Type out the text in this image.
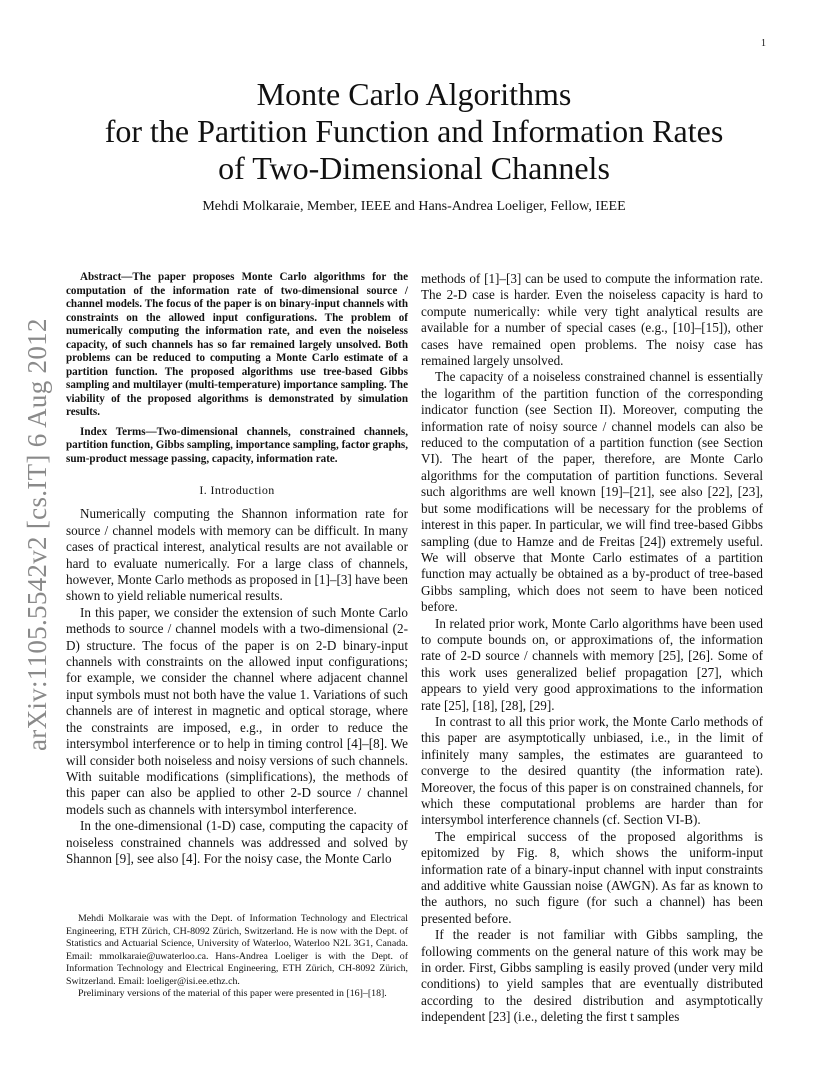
1
arXiv:1105.5542v2 [cs.IT] 6 Aug 2012
Monte Carlo Algorithms
for the Partition Function and Information Rates
of Two-Dimensional Channels
Mehdi Molkaraie, Member, IEEE and Hans-Andrea Loeliger, Fellow, IEEE

Abstract—The paper proposes Monte Carlo algorithms for the computation of the information rate of two-dimensional source / channel models. The focus of the paper is on binary-input channels with constraints on the allowed input configurations. The problem of numerically computing the information rate, and even the noiseless capacity, of such channels has so far remained largely unsolved. Both problems can be reduced to computing a Monte Carlo estimate of a partition function. The proposed algorithms use tree-based Gibbs sampling and multilayer (multi-temperature) importance sampling. The viability of the proposed algorithms is demonstrated by simulation results.

Index Terms—Two-dimensional channels, constrained channels, partition function, Gibbs sampling, importance sampling, factor graphs, sum-product message passing, capacity, information rate.

I. Introduction

Numerically computing the Shannon information rate for source / channel models with memory can be difficult. In many cases of practical interest, analytical results are not available or hard to evaluate numerically. For a large class of channels, however, Monte Carlo methods as proposed in [1]–[3] have been shown to yield reliable numerical results.

In this paper, we consider the extension of such Monte Carlo methods to source / channel models with a two-dimensional (2-D) structure. The focus of the paper is on 2-D binary-input channels with constraints on the allowed input configurations; for example, we consider the channel where adjacent channel input symbols must not both have the value 1. Variations of such channels are of interest in magnetic and optical storage, where the constraints are imposed, e.g., in order to reduce the intersymbol interference or to help in timing control [4]–[8]. We will consider both noiseless and noisy versions of such channels. With suitable modifications (simplifications), the methods of this paper can also be applied to other 2-D source / channel models such as channels with intersymbol interference.

In the one-dimensional (1-D) case, computing the capacity of noiseless constrained channels was addressed and solved by Shannon [9], see also [4]. For the noisy case, the Monte Carlo

Mehdi Molkaraie was with the Dept. of Information Technology and Electrical Engineering, ETH Zürich, CH-8092 Zürich, Switzerland. He is now with the Dept. of Statistics and Actuarial Science, University of Waterloo, Waterloo N2L 3G1, Canada. Email: mmolkaraie@uwaterloo.ca. Hans-Andrea Loeliger is with the Dept. of Information Technology and Electrical Engineering, ETH Zürich, CH-8092 Zürich, Switzerland. Email: loeliger@isi.ee.ethz.ch.

Preliminary versions of the material of this paper were presented in [16]–[18].

methods of [1]–[3] can be used to compute the information rate. The 2-D case is harder. Even the noiseless capacity is hard to compute numerically: while very tight analytical results are available for a number of special cases (e.g., [10]–[15]), other cases have remained open problems. The noisy case has remained largely unsolved.

The capacity of a noiseless constrained channel is essentially the logarithm of the partition function of the corresponding indicator function (see Section II). Moreover, computing the information rate of noisy source / channel models can also be reduced to the computation of a partition function (see Section VI). The heart of the paper, therefore, are Monte Carlo algorithms for the computation of partition functions. Several such algorithms are well known [19]–[21], see also [22], [23], but some modifications will be necessary for the problems of interest in this paper. In particular, we will find tree-based Gibbs sampling (due to Hamze and de Freitas [24]) extremely useful. We will observe that Monte Carlo estimates of a partition function may actually be obtained as a by-product of tree-based Gibbs sampling, which does not seem to have been noticed before.

In related prior work, Monte Carlo algorithms have been used to compute bounds on, or approximations of, the information rate of 2-D source / channels with memory [25], [26]. Some of this work uses generalized belief propagation [27], which appears to yield very good approximations to the information rate [25], [18], [28], [29].

In contrast to all this prior work, the Monte Carlo methods of this paper are asymptotically unbiased, i.e., in the limit of infinitely many samples, the estimates are guaranteed to converge to the desired quantity (the information rate). Moreover, the focus of this paper is on constrained channels, for which these computational problems are harder than for intersymbol interference channels (cf. Section VI-B).

The empirical success of the proposed algorithms is epitomized by Fig. 8, which shows the uniform-input information rate of a binary-input channel with input constraints and additive white Gaussian noise (AWGN). As far as known to the authors, no such figure (for such a channel) has been presented before.

If the reader is not familiar with Gibbs sampling, the following comments on the general nature of this work may be in order. First, Gibbs sampling is easily proved (under very mild conditions) to yield samples that are eventually distributed according to the desired distribution and asymptotically independent [23] (i.e., deleting the first t samples
